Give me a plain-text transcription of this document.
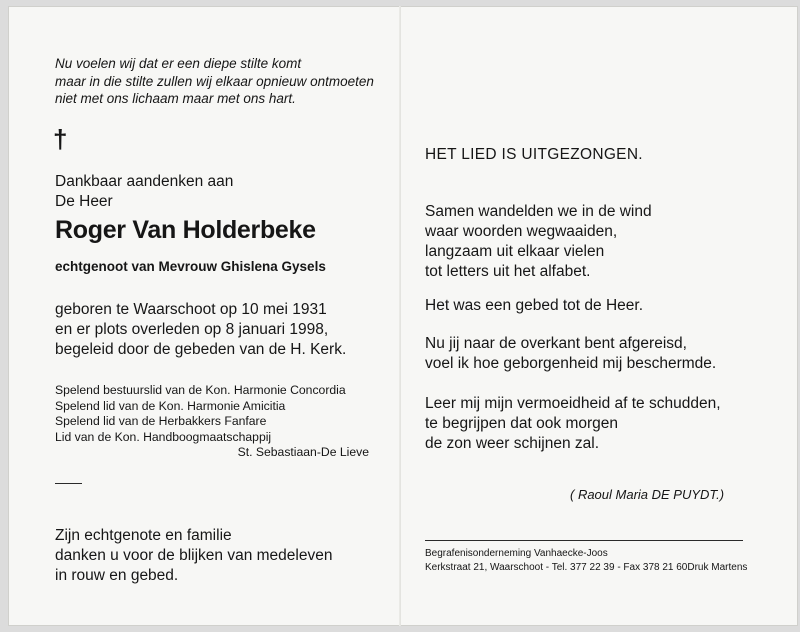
Nu voelen wij dat er een diepe stilte komt
maar in die stilte zullen wij elkaar opnieuw ontmoeten
niet met ons lichaam maar met ons hart.
†
Dankbaar aandenken aan
De Heer
Roger Van Holderbeke
echtgenoot van Mevrouw Ghislena Gysels
geboren te Waarschoot op 10 mei 1931
en er plots overleden op 8 januari 1998,
begeleid door de gebeden van de H. Kerk.
Spelend bestuurslid van de Kon. Harmonie Concordia
Spelend lid van de Kon. Harmonie Amicitia
Spelend lid van de Herbakkers Fanfare
Lid van de Kon. Handboogmaatschappij
St. Sebastiaan-De Lieve
Zijn echtgenote en familie
danken u voor de blijken van medeleven
in rouw en gebed.
HET LIED IS UITGEZONGEN.
Samen wandelden we in de wind
waar woorden wegwaaiden,
langzaam uit elkaar vielen
tot letters uit het alfabet.
Het was een gebed tot de Heer.
Nu jij naar de overkant bent afgereisd,
voel ik hoe geborgenheid mij beschermde.
Leer mij mijn vermoeidheid af te schudden,
te begrijpen dat ook morgen
de zon weer schijnen zal.
( Raoul Maria DE PUYDT.)
Begrafenisonderneming Vanhaecke-Joos
Kerkstraat 21, Waarschoot - Tel. 377 22 39 - Fax 378 21 60 Druk Martens
